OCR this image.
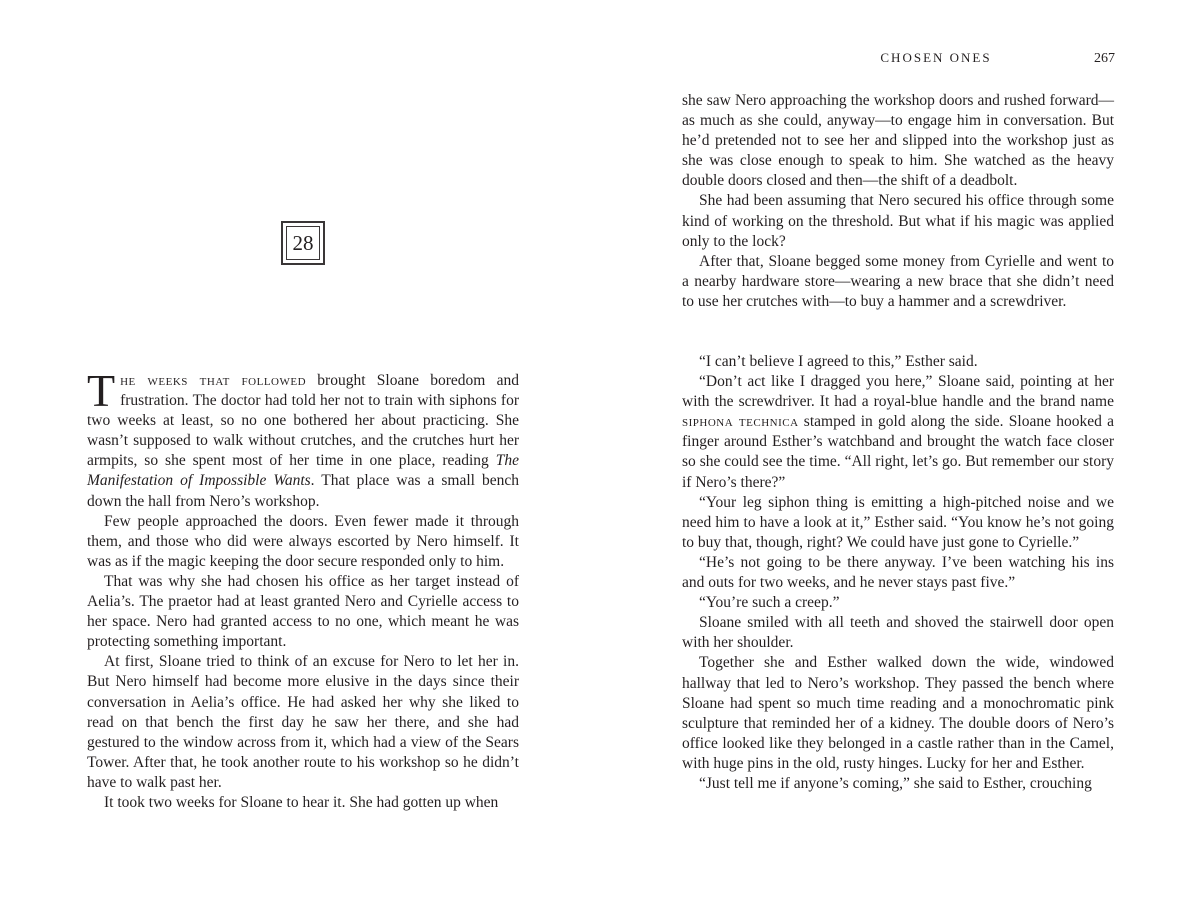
28

The weeks that followed brought Sloane boredom and frustration. The doctor had told her not to train with siphons for two weeks at least, so no one bothered her about practicing. She wasn’t supposed to walk without crutches, and the crutches hurt her armpits, so she spent most of her time in one place, reading The Manifestation of Impossible Wants. That place was a small bench down the hall from Nero’s workshop.

Few people approached the doors. Even fewer made it through them, and those who did were always escorted by Nero himself. It was as if the magic keeping the door secure responded only to him.

That was why she had chosen his office as her target instead of Aelia’s. The praetor had at least granted Nero and Cyrielle access to her space. Nero had granted access to no one, which meant he was protecting something important.

At first, Sloane tried to think of an excuse for Nero to let her in. But Nero himself had become more elusive in the days since their conversation in Aelia’s office. He had asked her why she liked to read on that bench the first day he saw her there, and she had gestured to the window across from it, which had a view of the Sears Tower. After that, he took another route to his workshop so he didn’t have to walk past her.

It took two weeks for Sloane to hear it. She had gotten up when

CHOSEN ONES	267

she saw Nero approaching the workshop doors and rushed forward—as much as she could, anyway—to engage him in conversation. But he’d pretended not to see her and slipped into the workshop just as she was close enough to speak to him. She watched as the heavy double doors closed and then—the shift of a deadbolt.

She had been assuming that Nero secured his office through some kind of working on the threshold. But what if his magic was applied only to the lock?

After that, Sloane begged some money from Cyrielle and went to a nearby hardware store—wearing a new brace that she didn’t need to use her crutches with—to buy a hammer and a screwdriver.

“I can’t believe I agreed to this,” Esther said.

“Don’t act like I dragged you here,” Sloane said, pointing at her with the screwdriver. It had a royal-blue handle and the brand name siphona technica stamped in gold along the side. Sloane hooked a finger around Esther’s watchband and brought the watch face closer so she could see the time. “All right, let’s go. But remember our story if Nero’s there?”

“Your leg siphon thing is emitting a high-pitched noise and we need him to have a look at it,” Esther said. “You know he’s not going to buy that, though, right? We could have just gone to Cyrielle.”

“He’s not going to be there anyway. I’ve been watching his ins and outs for two weeks, and he never stays past five.”

“You’re such a creep.”

Sloane smiled with all teeth and shoved the stairwell door open with her shoulder.

Together she and Esther walked down the wide, windowed hallway that led to Nero’s workshop. They passed the bench where Sloane had spent so much time reading and a monochromatic pink sculpture that reminded her of a kidney. The double doors of Nero’s office looked like they belonged in a castle rather than in the Camel, with huge pins in the old, rusty hinges. Lucky for her and Esther.

“Just tell me if anyone’s coming,” she said to Esther, crouching
